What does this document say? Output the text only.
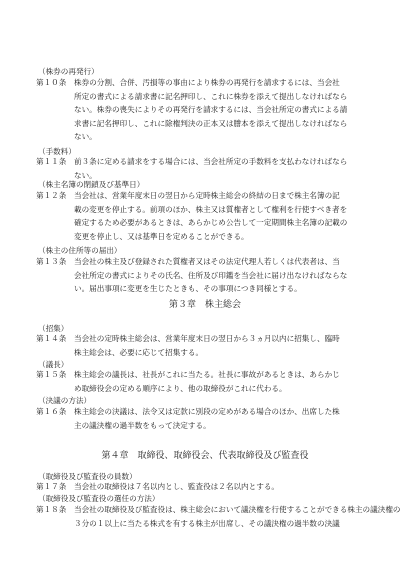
（株券の再発行）
第１０条	株券の分割、合併、汚損等の事由により株券の再発行を請求するには、当会社
所定の書式による請求書に記名押印し、これに株券を添えて提出しなければなら
ない。株券の喪失によりその再発行を請求するには、当会社所定の書式による請
求書に記名押印し、これに除権判決の正本又は謄本を添えて提出しなければなら
ない。
（手数料）
第１１条	前３条に定める請求をする場合には、当会社所定の手数料を支払わなければなら
ない。
（株主名簿の閉鎖及び基準日）
第１２条	当会社は、営業年度末日の翌日から定時株主総会の終結の日まで株主名簿の記
載の変更を停止する。前項のほか、株主又は質権者として権利を行使すべき者を
確定するため必要があるときは、あらかじめ公告して一定期間株主名簿の記載の
変更を停止し、又は基準日を定めることができる。
（株主の住所等の届出）
第１３条	当会社の株主及び登録された質権者又はその法定代理人若しくは代表者は、当
会社所定の書式によりその氏名、住所及び印鑑を当会社に届け出なければならな
い。届出事項に変更を生じたときも、その事項につき同様とする。
第３章　株主総会
（招集）
第１４条	当会社の定時株主総会は、営業年度末日の翌日から３ヵ月以内に招集し、臨時
株主総会は、必要に応じて招集する。
（議長）
第１５条	株主総会の議長は、社長がこれに当たる。社長に事故があるときは、あらかじ
め取締役会の定める順序により、他の取締役がこれに代わる。
（決議の方法）
第１６条	株主総会の決議は、法令又は定款に別段の定めがある場合のほか、出席した株
主の議決権の過半数をもって決定する。
第４章　取締役、取締役会、代表取締役及び監査役
（取締役及び監査役の員数）
第１７条	当会社の取締役は７名以内とし、監査役は２名以内とする。
（取締役及び監査役の選任の方法）
第１８条	当会社の取締役及び監査役は、株主総会において議決権を行使することができる株主の議決権の
３分の１以上に当たる株式を有する株主が出席し、その議決権の過半数の決議
